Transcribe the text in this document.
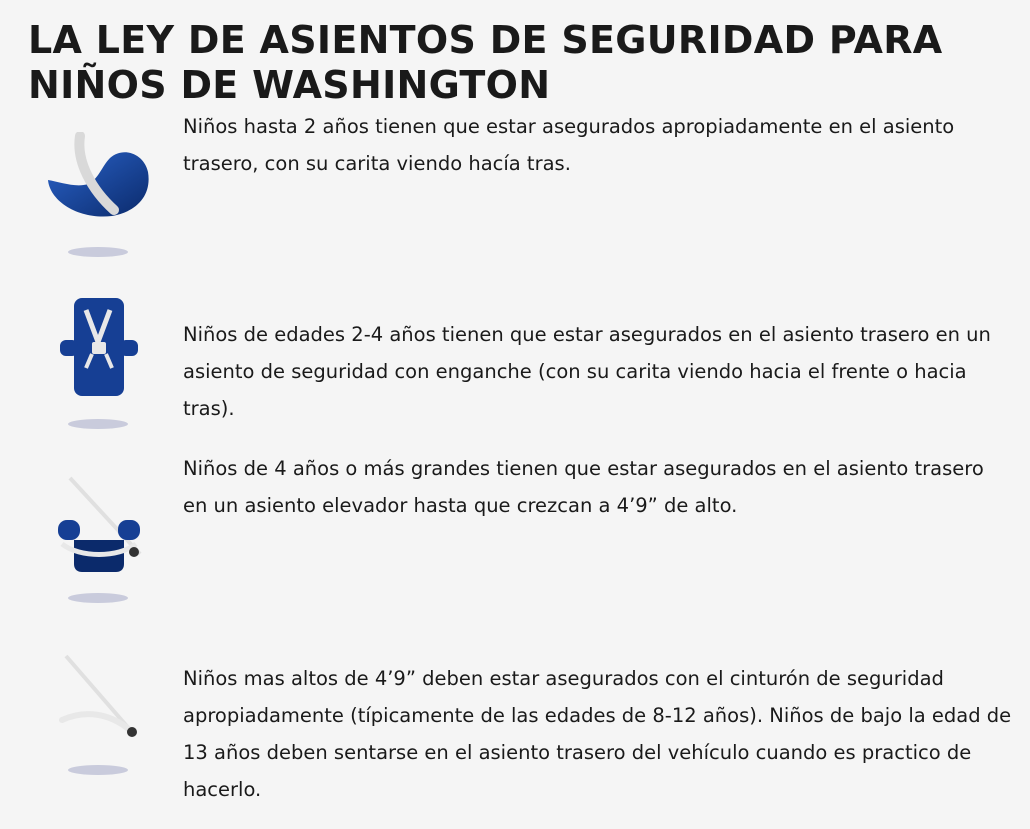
LA LEY DE ASIENTOS DE SEGURIDAD PARA NIÑOS DE WASHINGTON
Niños hasta 2 años tienen que estar asegurados apropiadamente en el asiento trasero, con su carita viendo hacía tras.
Niños de edades 2-4 años tienen que estar asegurados en el asiento trasero en un asiento de seguridad con enganche (con su carita viendo hacia el frente o hacia tras).
Niños de 4 años o más grandes tienen que estar asegurados en el asiento trasero en un asiento elevador hasta que crezcan a 4’9” de alto.
Niños mas altos de 4’9” deben estar asegurados con el cinturón de seguridad apropiadamente (típicamente de las edades de 8-12 años). Niños de bajo la edad de 13 años deben sentarse en el asiento trasero del vehículo cuando es practico de hacerlo.
